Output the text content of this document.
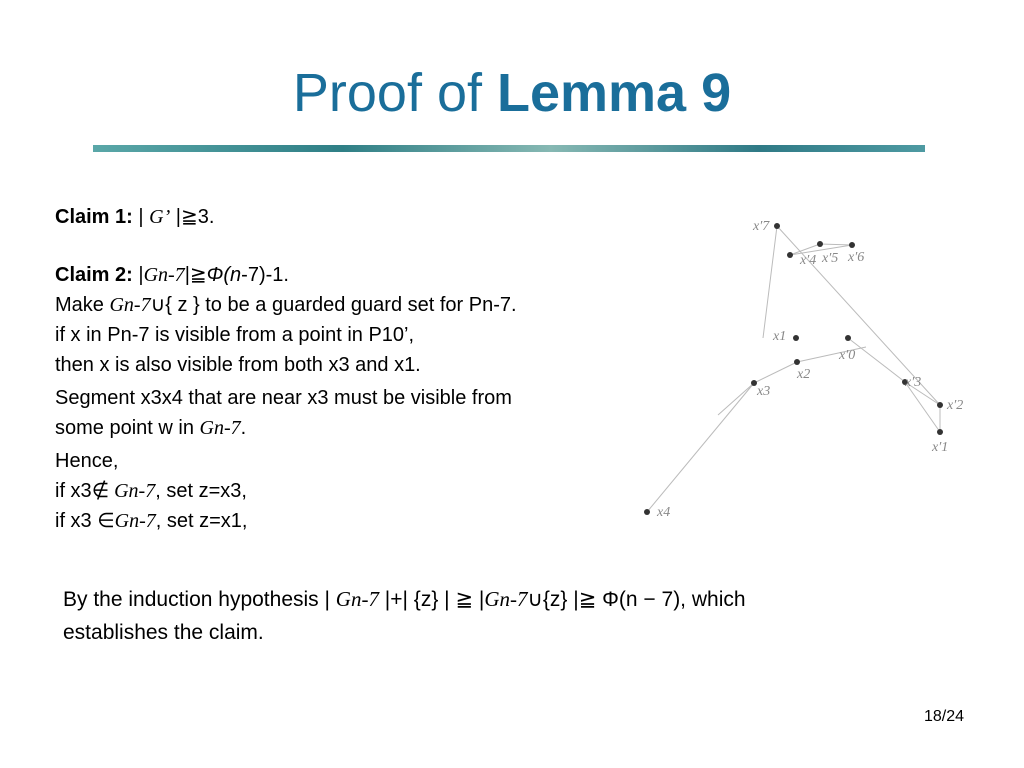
Proof of Lemma 9
Claim 1: | G’ |≧3.
Claim 2: |Gn-7|≧Φ(n-7)-1.
Make Gn-7∪{ z } to be a guarded guard set for Pn-7.
if x in Pn-7 is visible from a point in P10’,
then x is also visible from both x3 and x1.
Segment x3x4 that are near x3 must be visible from
some point w in Gn-7.
Hence,
if x3∉ Gn-7, set z=x3,
if x3 ∈Gn-7, set z=x1,
x′7
x′4 x′5 x′6
x1
x′0
x2
x3
x′3
x′2
x′1
x4
By the induction hypothesis | Gn-7 |+| {z} | ≧ |Gn-7∪{z} |≧ Φ(n − 7), which
establishes the claim.
18/24
